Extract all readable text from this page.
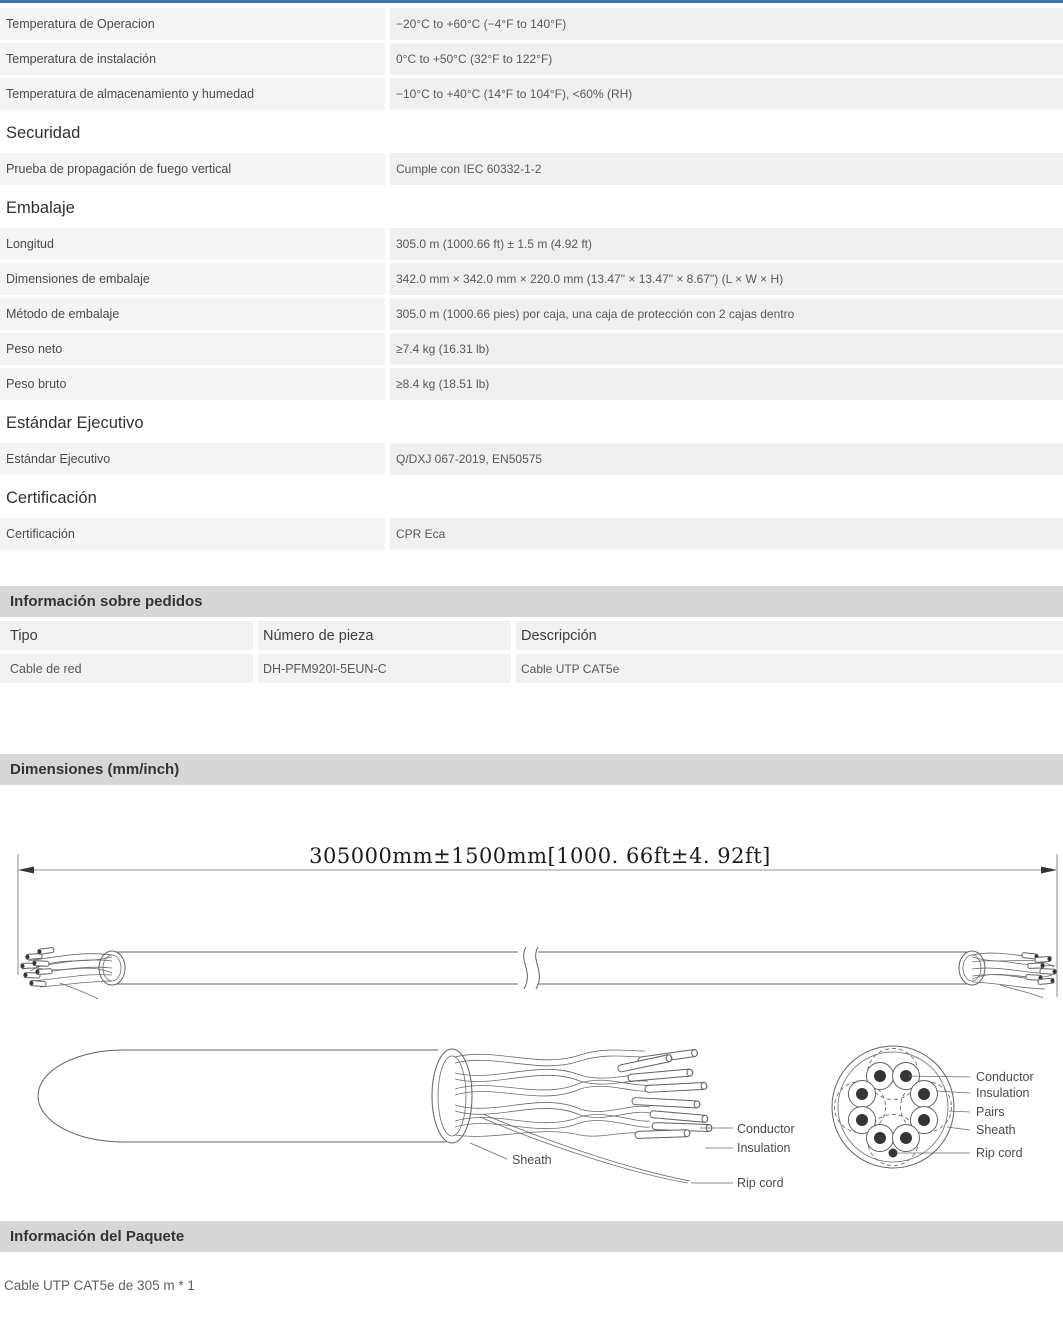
Temperatura de Operacion	−20°C to +60°C (−4°F to 140°F)
Temperatura de instalación	0°C to +50°C (32°F to 122°F)
Temperatura de almacenamiento y humedad	−10°C to +40°C (14°F to 104°F), <60% (RH)
Securidad
Prueba de propagación de fuego vertical	Cumple con IEC 60332-1-2
Embalaje
Longitud	305.0 m (1000.66 ft) ± 1.5 m (4.92 ft)
Dimensiones de embalaje	342.0 mm × 342.0 mm × 220.0 mm (13.47" × 13.47" × 8.67") (L × W × H)
Método de embalaje	305.0 m (1000.66 pies) por caja, una caja de protección con 2 cajas dentro
Peso neto	≥7.4 kg (16.31 lb)
Peso bruto	≥8.4 kg (18.51 lb)
Estándar Ejecutivo
Estándar Ejecutivo	Q/DXJ 067-2019, EN50575
Certificación
Certificación	CPR Eca
Información sobre pedidos
Tipo	Número de pieza	Descripción
Cable de red	DH-PFM920I-5EUN-C	Cable UTP CAT5e
Dimensiones (mm/inch)
305000mm±1500mm[1000. 66ft±4. 92ft]
Sheath
Conductor
Insulation
Rip cord
Conductor
Insulation
Pairs
Sheath
Rip cord
Información del Paquete
Cable UTP CAT5e de 305 m * 1
